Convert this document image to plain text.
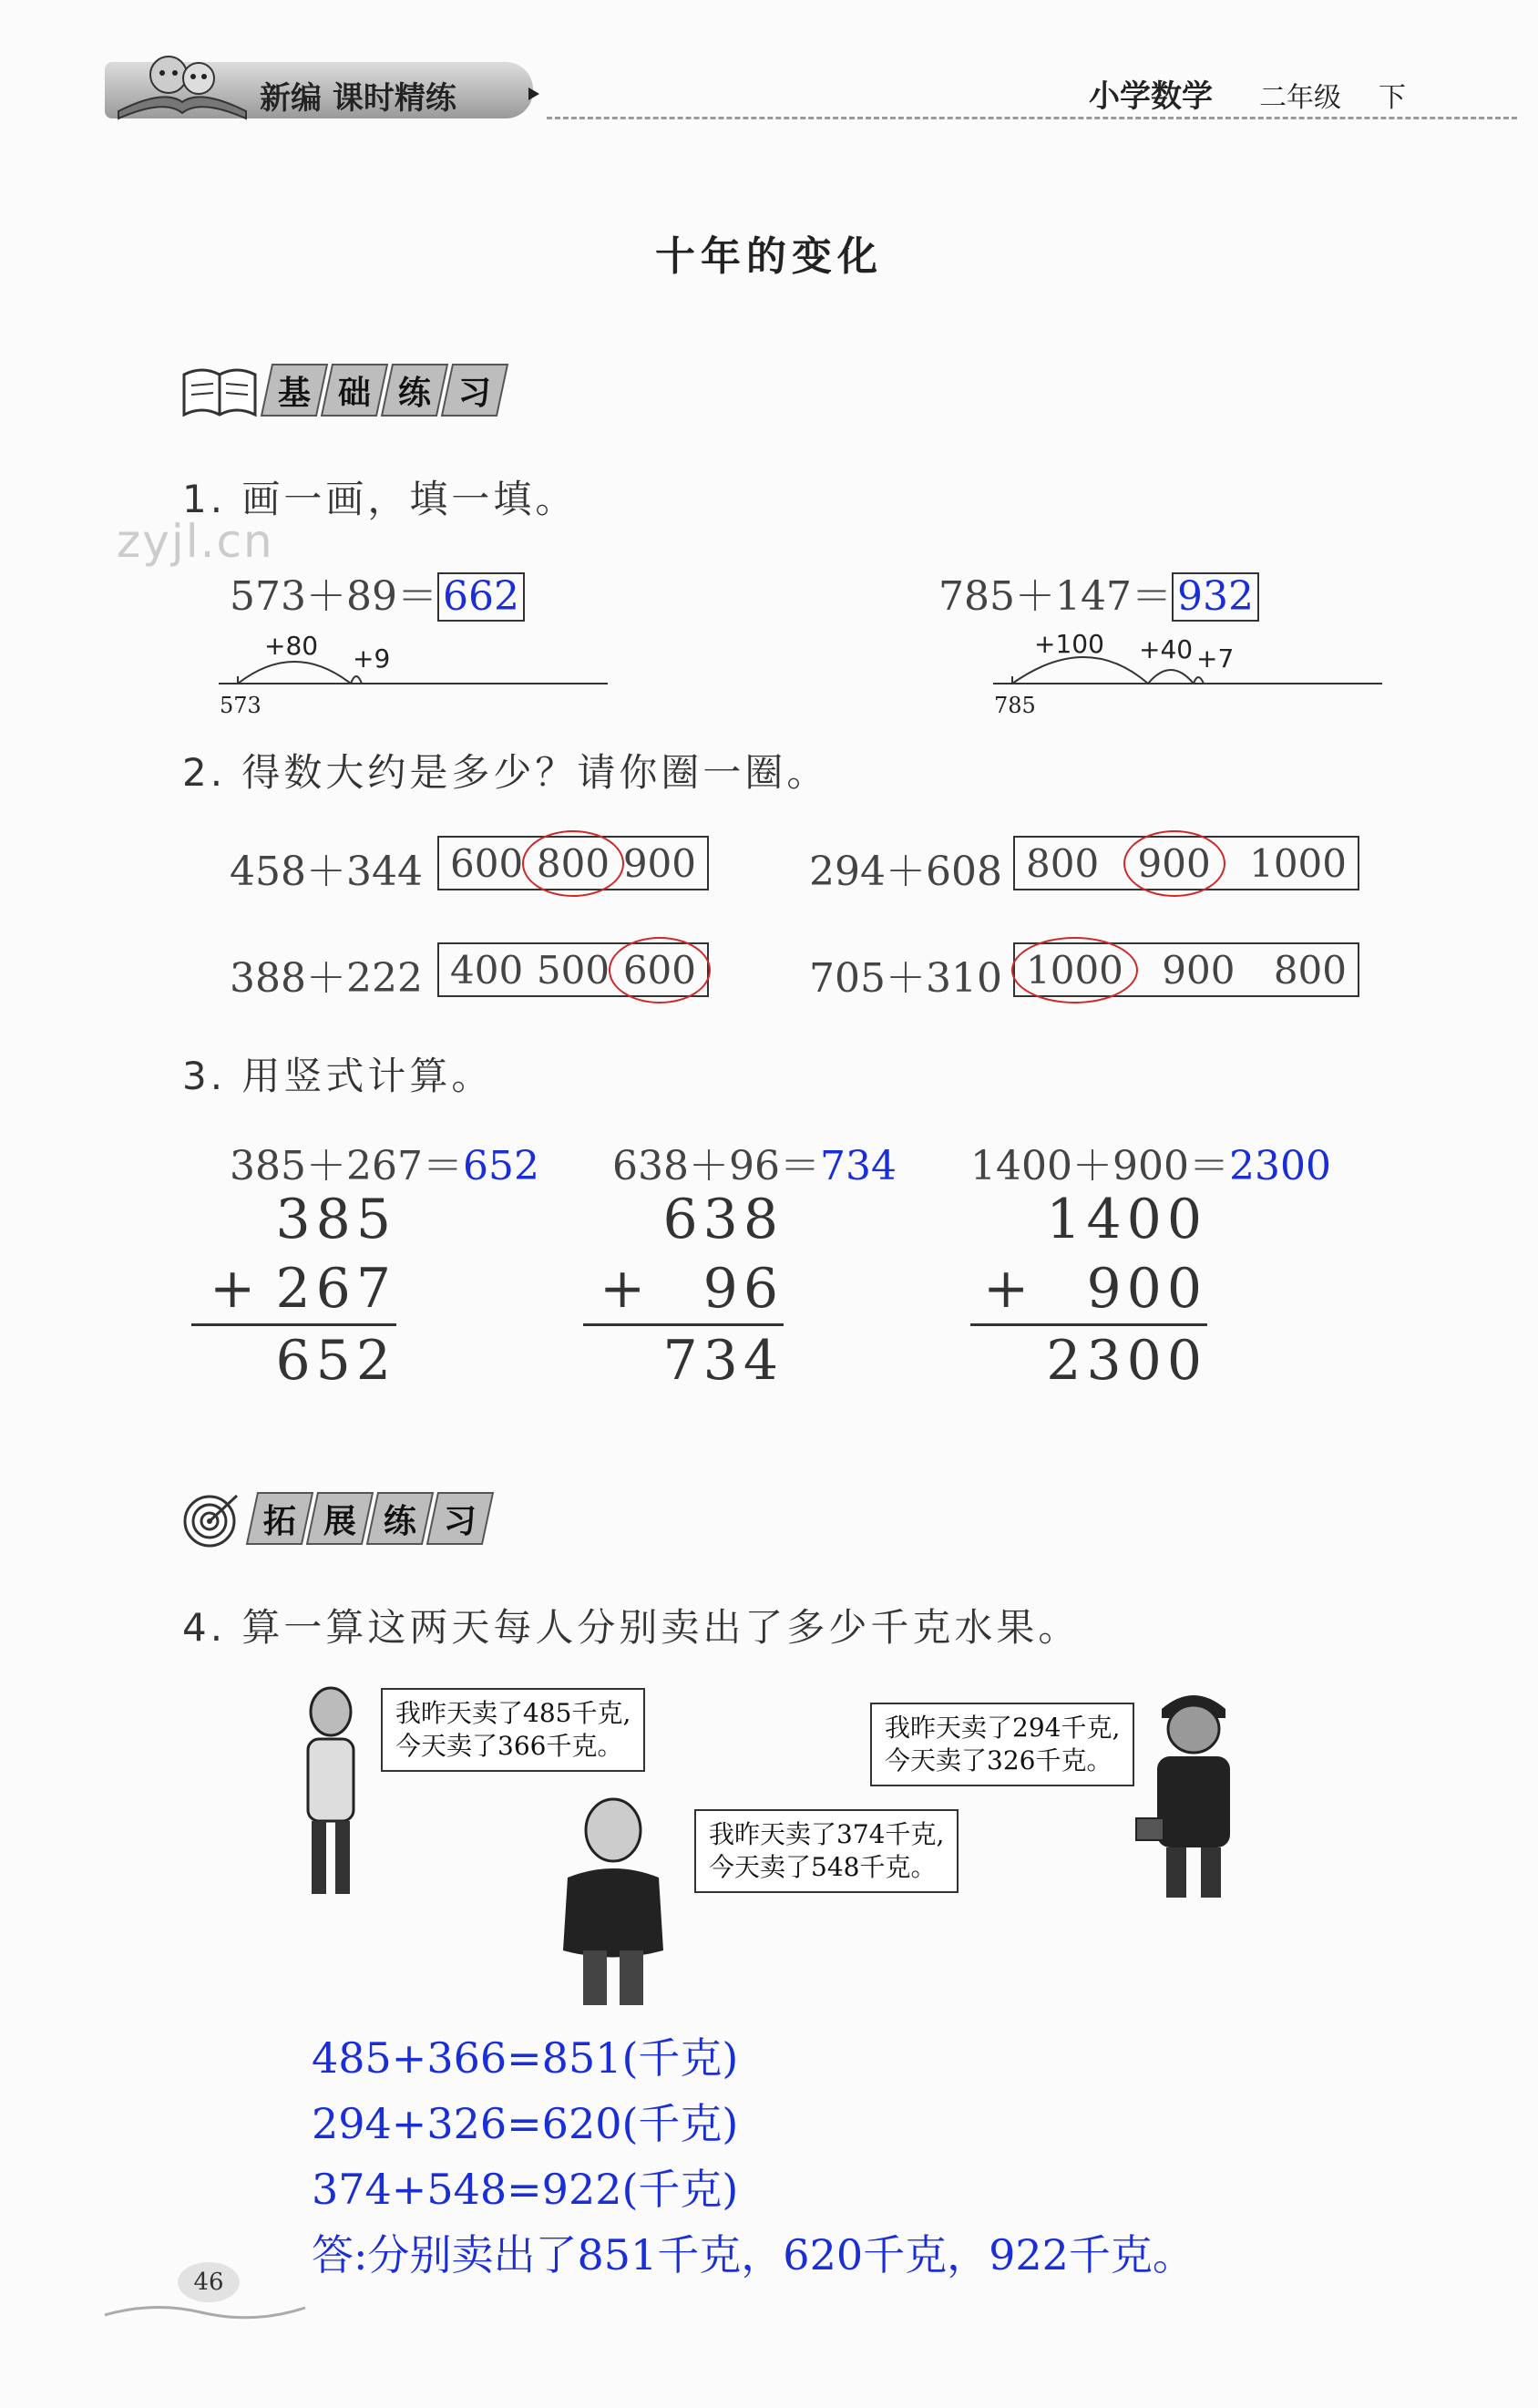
新编 课时精练	小学数学 二年级 下
十年的变化
基 础 练 习
1. 画一画，填一填。
zyjl.cn
573＋89＝ 662
+80 +9
573
785＋147＝ 932
+100 +40 +7
785
2. 得数大约是多少？请你圈一圈。
458＋344 600 800 900	294＋608 800 900 1000
388＋222 400 500 600	705＋310 1000 900 800
3. 用竖式计算。
385＋267＝652
385
+ 267
652
638＋96＝734
638
+ 96
734
1400＋900＝2300
1400
+ 900
2300
拓 展 练 习
4. 算一算这两天每人分别卖出了多少千克水果。
我昨天卖了485千克,
今天卖了366千克。
我昨天卖了374千克,
今天卖了548千克。
我昨天卖了294千克,
今天卖了326千克。
485+366=851(千克)
294+326=620(千克)
374+548=922(千克)
答:分别卖出了851千克，620千克，922千克。
46
